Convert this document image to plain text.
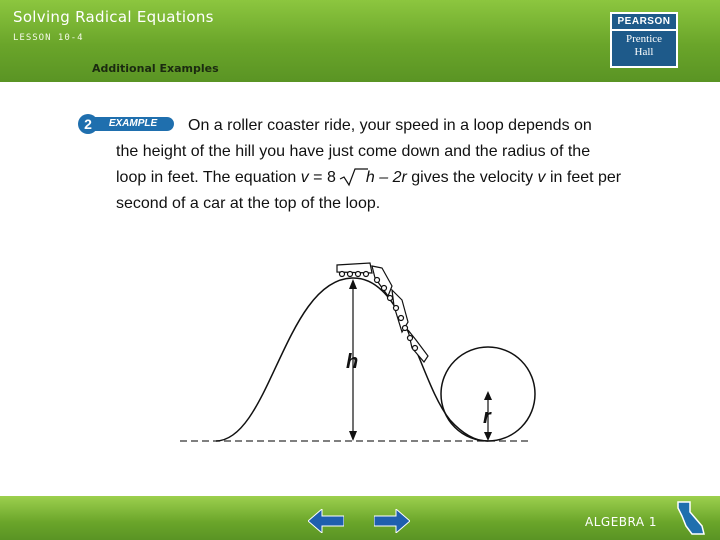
Solving Radical Equations
LESSON 10-4
Additional Examples
PEARSON
Prentice
Hall
EXAMPLE
2	On a roller coaster ride, your speed in a loop depends on
the height of the hill you have just come down and the radius of the
loop in feet. The equation v = 8 h – 2r gives the velocity v in feet per
second of a car at the top of the loop.
h
r
ALGEBRA 1
